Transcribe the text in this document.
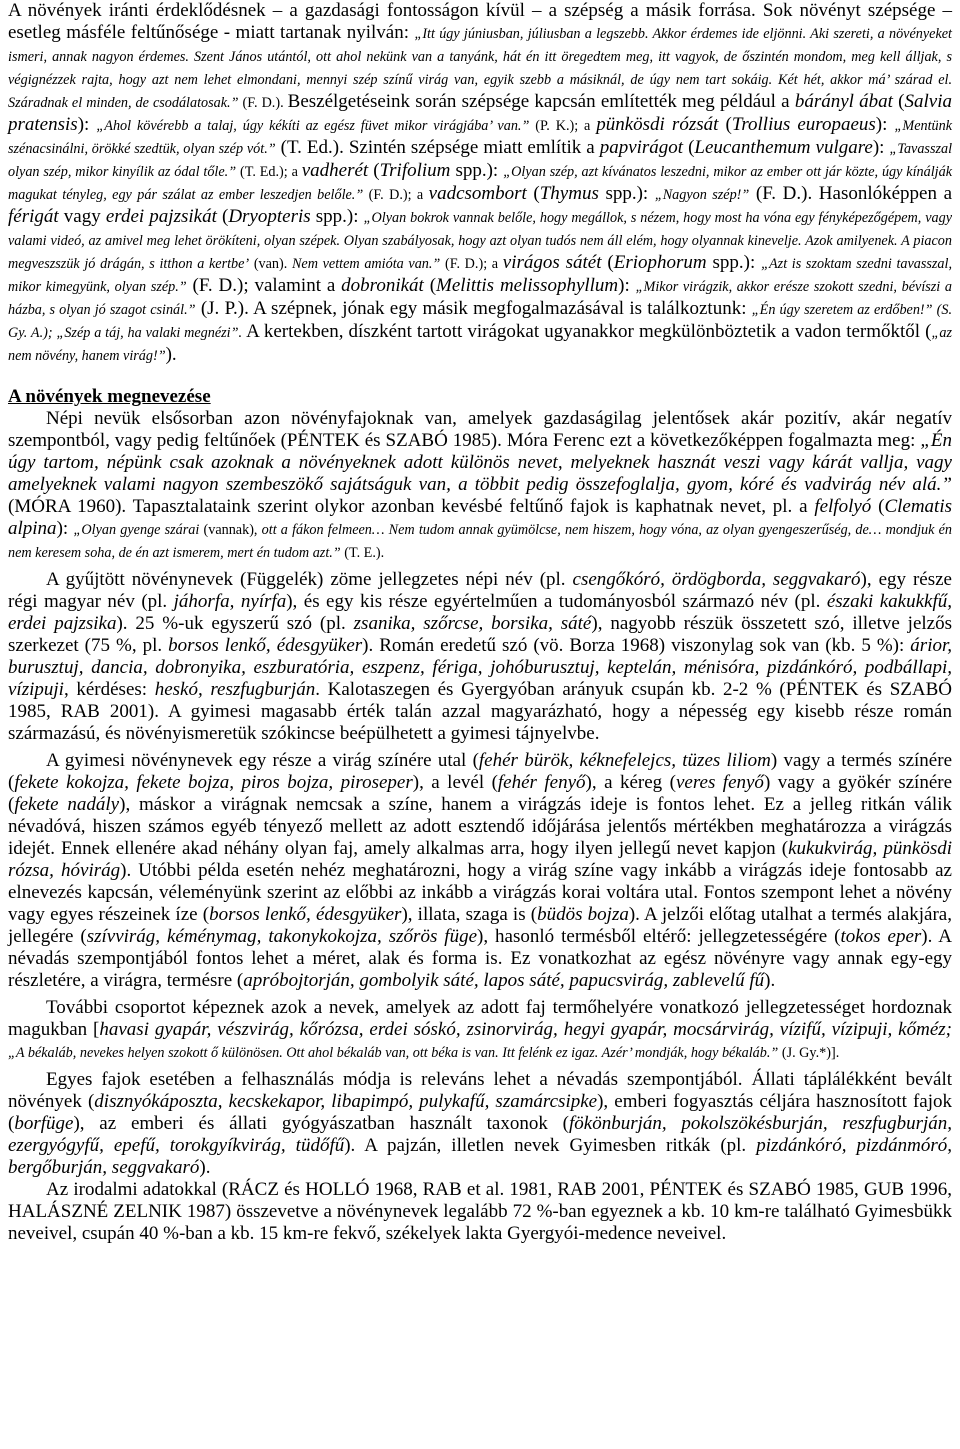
A növények iránti érdeklődésnek – a gazdasági fontosságon kívül – a szépség a másik forrása. Sok növényt szépsége – esetleg másféle feltűnősége - miatt tartanak nyilván: „Itt úgy júniusban, júliusban a legszebb. Akkor érdemes ide eljönni. Aki szereti, a növényeket ismeri, annak nagyon érdemes. Szent János utántól, ott ahol nekünk van a tanyánk, hát én itt öregedtem meg, itt vagyok, de őszintén mondom, meg kell álljak, s végignézzek rajta, hogy azt nem lehet elmondani, mennyi szép színű virág van, egyik szebb a másiknál, de úgy nem tart sokáig. Két hét, akkor má’ szárad el. Száradnak el minden, de csodálatosak.” (F. D.). Beszélgetéseink során szépsége kapcsán említették meg például a bárányl ábat (Salvia pratensis): „Ahol kövérebb a talaj, úgy kékíti az egész füvet mikor virágjába’ van.” (P. K.); a pünkösdi rózsát (Trollius europaeus): „Mentünk szénacsinálni, örökké szedtük, olyan szép vót.” (T. Ed.). Szintén szépsége miatt említik a papvirágot (Leucanthemum vulgare): „Tavasszal olyan szép, mikor kinyílik az ódal tőle.” (T. Ed.); a vadherét (Trifolium spp.): „Olyan szép, azt kívánatos leszedni, mikor az ember ott jár közte, úgy kínálják magukat tényleg, egy pár szálat az ember leszedjen belőle.” (F. D.); a vadcsombort (Thymus spp.): „Nagyon szép!” (F. D.). Hasonlóképpen a férigát vagy erdei pajzsikát (Dryopteris spp.): „Olyan bokrok vannak belőle, hogy megállok, s nézem, hogy most ha vóna egy fényképezőgépem, vagy valami videó, az amivel meg lehet örökíteni, olyan szépek. Olyan szabályosak, hogy azt olyan tudós nem áll elém, hogy olyannak kinevelje. Azok amilyenek. A piacon megveszszük jó drágán, s itthon a kertbe’ (van). Nem vettem amióta van.” (F. D.); a virágos sátét (Eriophorum spp.): „Azt is szoktam szedni tavasszal, mikor kimegyünk, olyan szép.” (F. D.); valamint a dobronikát (Melittis melissophyllum): „Mikor virágzik, akkor erésze szokott szedni, bévíszi a házba, s olyan jó szagot csinál.” (J. P.). A szépnek, jónak egy másik megfogalmazásával is találkoztunk: „Én úgy szeretem az erdőben!” (S. Gy. A.); „Szép a táj, ha valaki megnézi”. A kertekben, díszként tartott virágokat ugyanakkor megkülönböztetik a vadon termőktől („az nem növény, hanem virág!”).

A növények megnevezése

Népi nevük elsősorban azon növényfajoknak van, amelyek gazdaságilag jelentősek akár pozitív, akár negatív szempontból, vagy pedig feltűnőek (PÉNTEK és SZABÓ 1985). Móra Ferenc ezt a következőképpen fogalmazta meg: „Én úgy tartom, népünk csak azoknak a növényeknek adott különös nevet, melyeknek hasznát veszi vagy kárát vallja, vagy amelyeknek valami nagyon szembeszökő sajátságuk van, a többit pedig összefoglalja, gyom, kóré és vadvirág név alá.” (MÓRA 1960). Tapasztalataink szerint olykor azonban kevésbé feltűnő fajok is kaphatnak nevet, pl. a felfolyó (Clematis alpina): „Olyan gyenge szárai (vannak), ott a fákon felmeen… Nem tudom annak gyümölcse, nem hiszem, hogy vóna, az olyan gyengeszerűség, de… mondjuk én nem keresem soha, de én azt ismerem, mert én tudom azt.” (T. E.).

A gyűjtött növénynevek (Függelék) zöme jellegzetes népi név (pl. csengőkóró, ördögborda, seggvakaró), egy része régi magyar név (pl. jáhorfa, nyírfa), és egy kis része egyértelműen a tudományosból származó név (pl. északi kakukkfű, erdei pajzsika). 25 %-uk egyszerű szó (pl. zsanika, szőrcse, borsika, sáté), nagyobb részük összetett szó, illetve jelzős szerkezet (75 %, pl. borsos lenkő, édesgyüker). Román eredetű szó (vö. Borza 1968) viszonylag sok van (kb. 5 %): árior, burusztuj, dancia, dobronyika, eszburatória, eszpenz, fériga, johóburusztuj, keptelán, ménisóra, pizdánkóró, podbállapi, vízipuji, kérdéses: heskó, reszfugburján. Kalotaszegen és Gyergyóban arányuk csupán kb. 2-2 % (PÉNTEK és SZABÓ 1985, RAB 2001). A gyimesi magasabb érték talán azzal magyarázható, hogy a népesség egy kisebb része román származású, és növényismeretük szókincse beépülhetett a gyimesi tájnyelvbe.

A gyimesi növénynevek egy része a virág színére utal (fehér bürök, kéknefelejcs, tüzes liliom) vagy a termés színére (fekete kokojza, fekete bojza, piros bojza, piroseper), a levél (fehér fenyő), a kéreg (veres fenyő) vagy a gyökér színére (fekete nadály), máskor a virágnak nemcsak a színe, hanem a virágzás ideje is fontos lehet. Ez a jelleg ritkán válik névadóvá, hiszen számos egyéb tényező mellett az adott esztendő időjárása jelentős mértékben meghatározza a virágzás idejét. Ennek ellenére akad néhány olyan faj, amely alkalmas arra, hogy ilyen jellegű nevet kapjon (kukukvirág, pünkösdi rózsa, hóvirág). Utóbbi példa esetén nehéz meghatározni, hogy a virág színe vagy inkább a virágzás ideje fontosabb az elnevezés kapcsán, véleményünk szerint az előbbi az inkább a virágzás korai voltára utal. Fontos szempont lehet a növény vagy egyes részeinek íze (borsos lenkő, édesgyüker), illata, szaga is (büdös bojza). A jelzői előtag utalhat a termés alakjára, jellegére (szívvirág, kéménymag, takonykokojza, szőrös füge), hasonló termésből eltérő: jellegzetességére (tokos eper). A névadás szempontjából fontos lehet a méret, alak és forma is. Ez vonatkozhat az egész növényre vagy annak egy-egy részletére, a virágra, termésre (apróbojtorján, gombolyik sáté, lapos sáté, papucsvirág, zablevelű fű).

További csoportot képeznek azok a nevek, amelyek az adott faj termőhelyére vonatkozó jellegzetességet hordoznak magukban [havasi gyapár, vészvirág, kőrózsa, erdei sóskó, zsinorvirág, hegyi gyapár, mocsárvirág, vízifű, vízipuji, kőméz; „A békaláb, nevekes helyen szokott ő különösen. Ott ahol békaláb van, ott béka is van. Itt felénk ez igaz. Azér’ mondják, hogy békaláb.” (J. Gy.*)].

Egyes fajok esetében a felhasználás módja is releváns lehet a névadás szempontjából. Állati táplálékként bevált növények (disznyókáposzta, kecskekapor, libapimpó, pulykafű, szamárcsipke), emberi fogyasztás céljára hasznosított fajok (borfüge), az emberi és állati gyógyászatban használt taxonok (fökönburján, pokolszökésburján, reszfugburján, ezergyógyfű, epefű, torokgyíkvirág, tüdőfű). A pajzán, illetlen nevek Gyimesben ritkák (pl. pizdánkóró, pizdánmóró, bergőburján, seggvakaró).

Az irodalmi adatokkal (RÁCZ és HOLLÓ 1968, RAB et al. 1981, RAB 2001, PÉNTEK és SZABÓ 1985, GUB 1996, HALÁSZNÉ ZELNIK 1987) összevetve a növénynevek legalább 72 %-ban egyeznek a kb. 10 km-re található Gyimesbükk neveivel, csupán 40 %-ban a kb. 15 km-re fekvő, székelyek lakta Gyergyói-medence neveivel.
